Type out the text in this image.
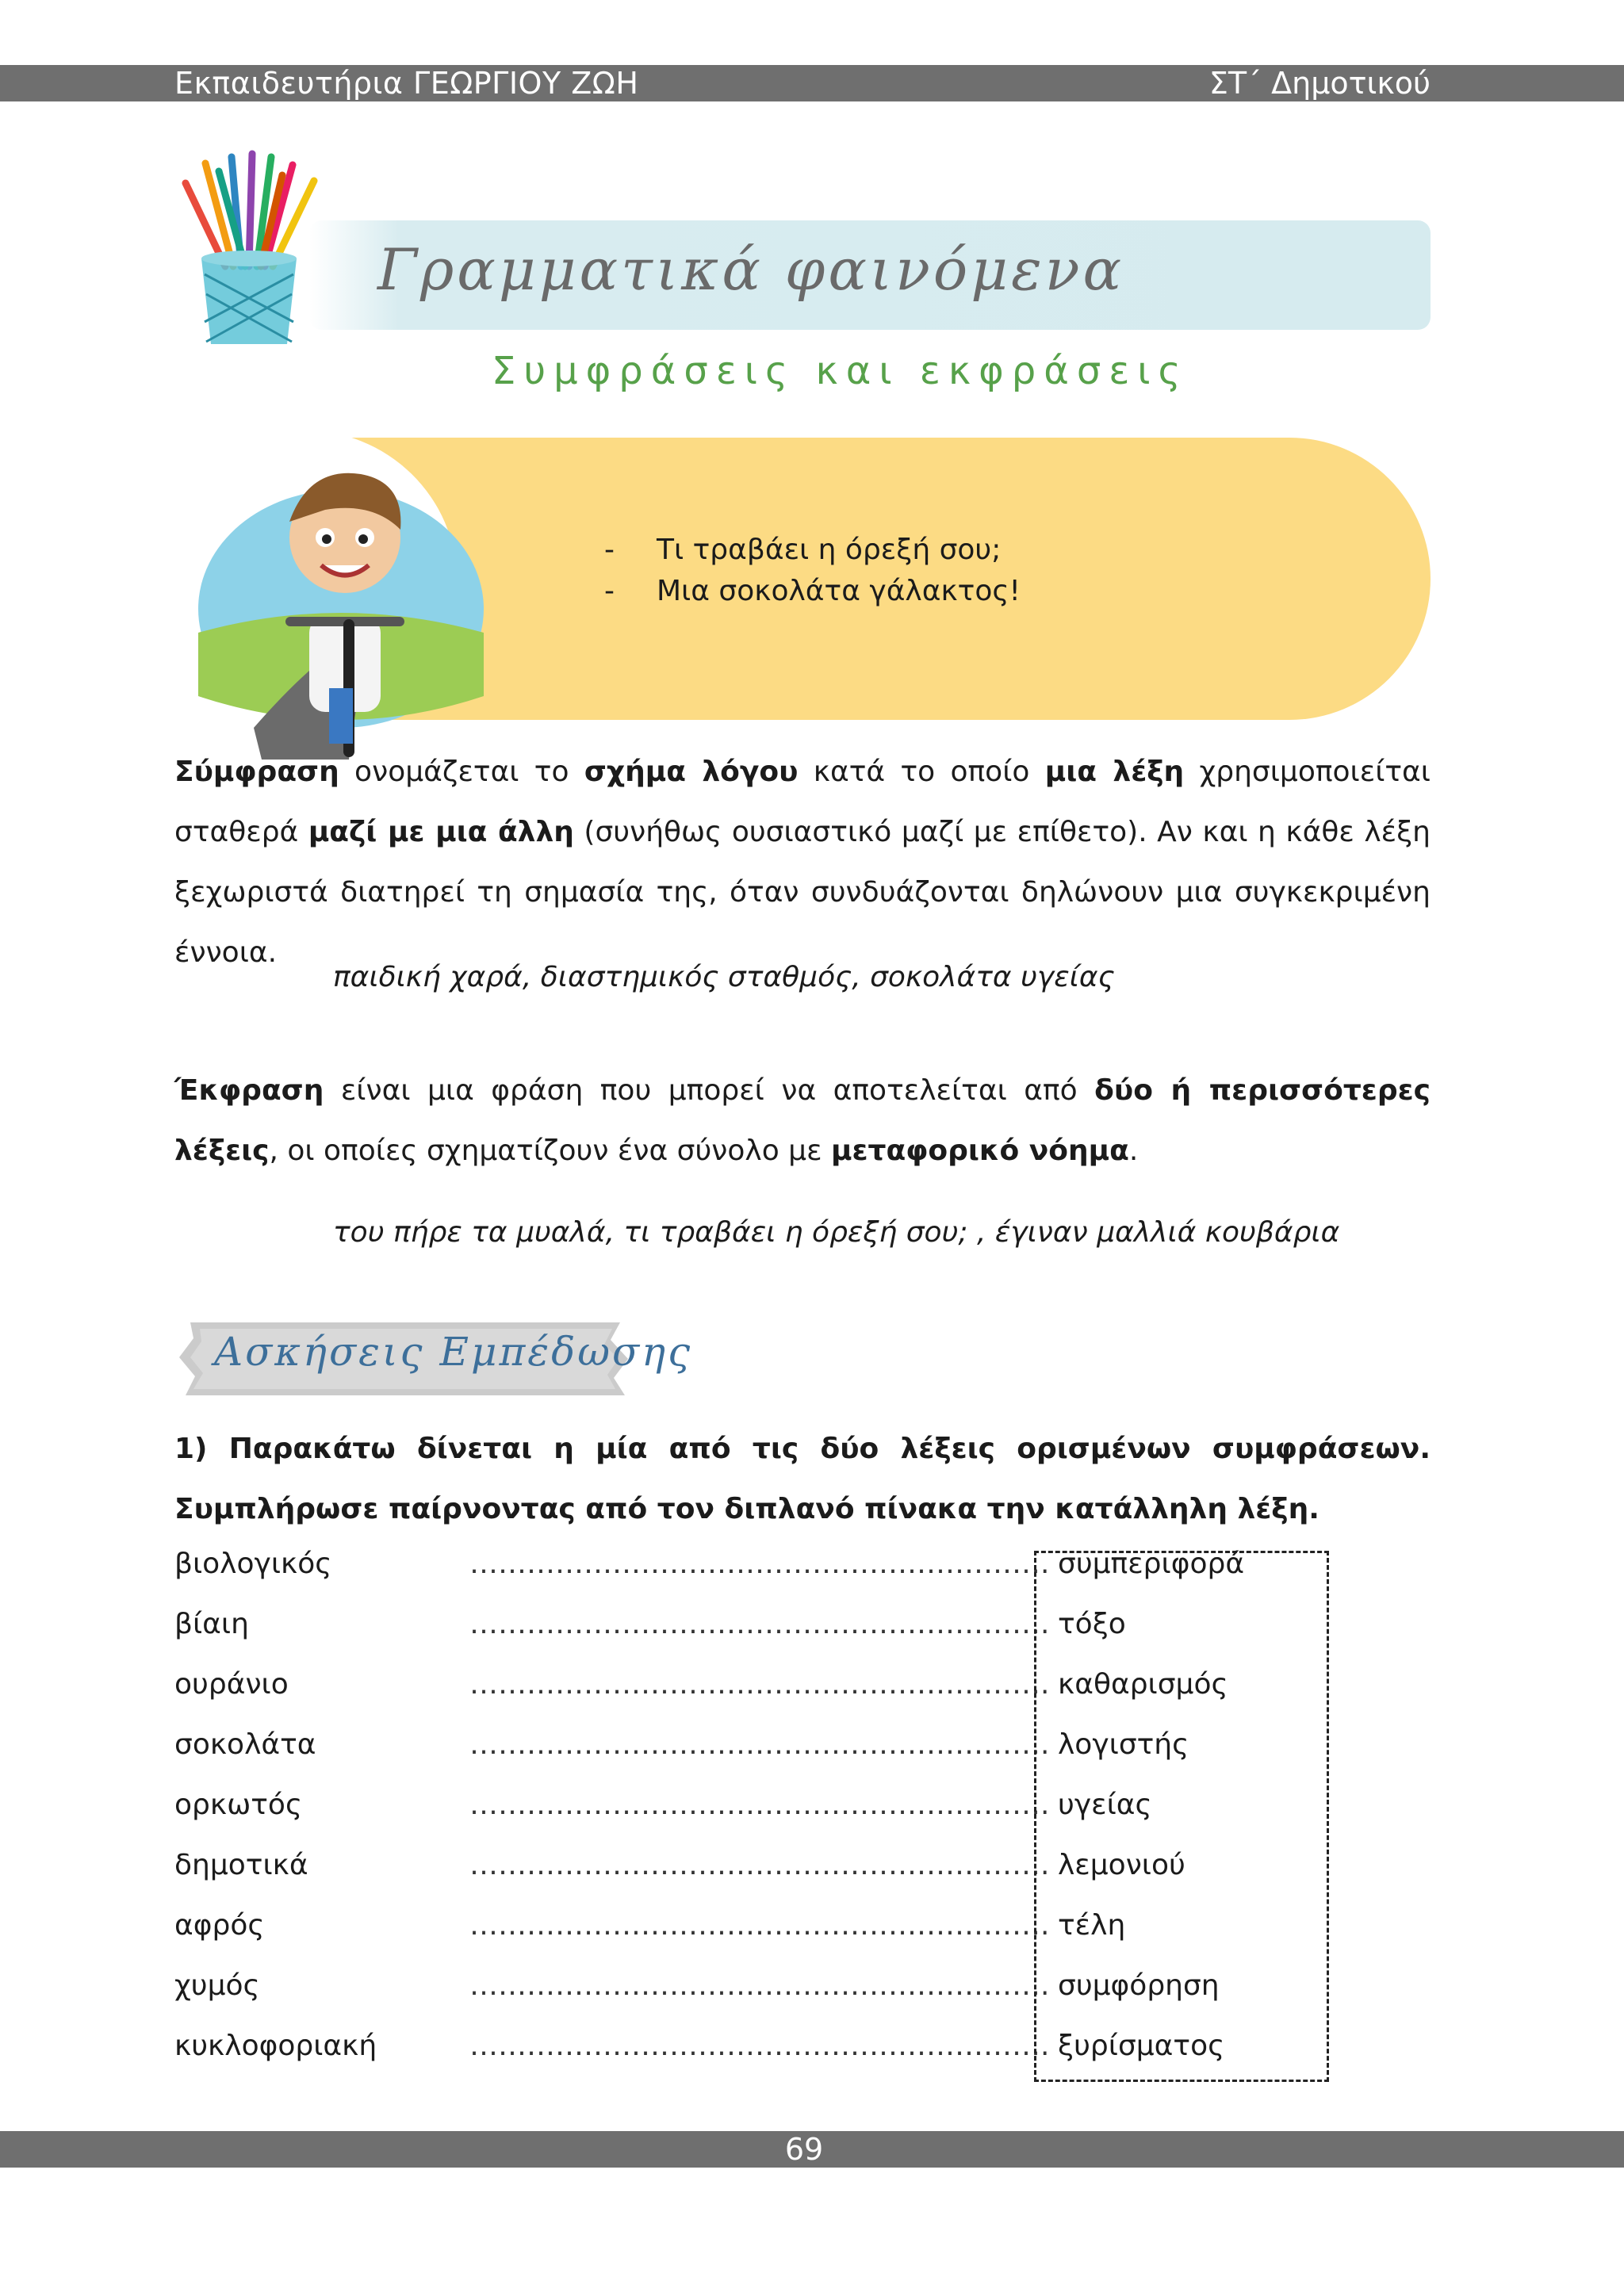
Εκπαιδευτήρια ΓΕΩΡΓΙΟΥ ΖΩΗ	ΣΤ΄ Δημοτικού
Γραμματικά φαινόμενα
Συμφράσεις και εκφράσεις
-	Τι τραβάει η όρεξή σου;
-	Μια σοκολάτα γάλακτος!
Σύμφραση ονομάζεται το σχήμα λόγου κατά το οποίο μια λέξη χρησιμοποιείται σταθερά μαζί με μια άλλη (συνήθως ουσιαστικό μαζί με επίθετο). Αν και η κάθε λέξη ξεχωριστά διατηρεί τη σημασία της, όταν συνδυάζονται δηλώνουν μια συγκεκριμένη έννοια.
παιδική χαρά, διαστημικός σταθμός, σοκολάτα υγείας
Έκφραση είναι μια φράση που μπορεί να αποτελείται από δύο ή περισσότερες λέξεις, οι οποίες σχηματίζουν ένα σύνολο με μεταφορικό νόημα.
του πήρε τα μυαλά, τι τραβάει η όρεξή σου; , έγιναν μαλλιά κουβάρια
Ασκήσεις Εμπέδωσης
1) Παρακάτω δίνεται η μία από τις δύο λέξεις ορισμένων συμφράσεων. Συμπλήρωσε παίρνοντας από τον διπλανό πίνακα την κατάλληλη λέξη.
βιολογικός	…………………………………………………….
βίαιη	…………………………………………………….
ουράνιο	…………………………………………………….
σοκολάτα	…………………………………………………….
ορκωτός	…………………………………………………….
δημοτικά	…………………………………………………….
αφρός	…………………………………………………….
χυμός	…………………………………………………….
κυκλοφοριακή	…………………………………………………….
συμπεριφορά
τόξο
καθαρισμός
λογιστής
υγείας
λεμονιού
τέλη
συμφόρηση
ξυρίσματος
69
